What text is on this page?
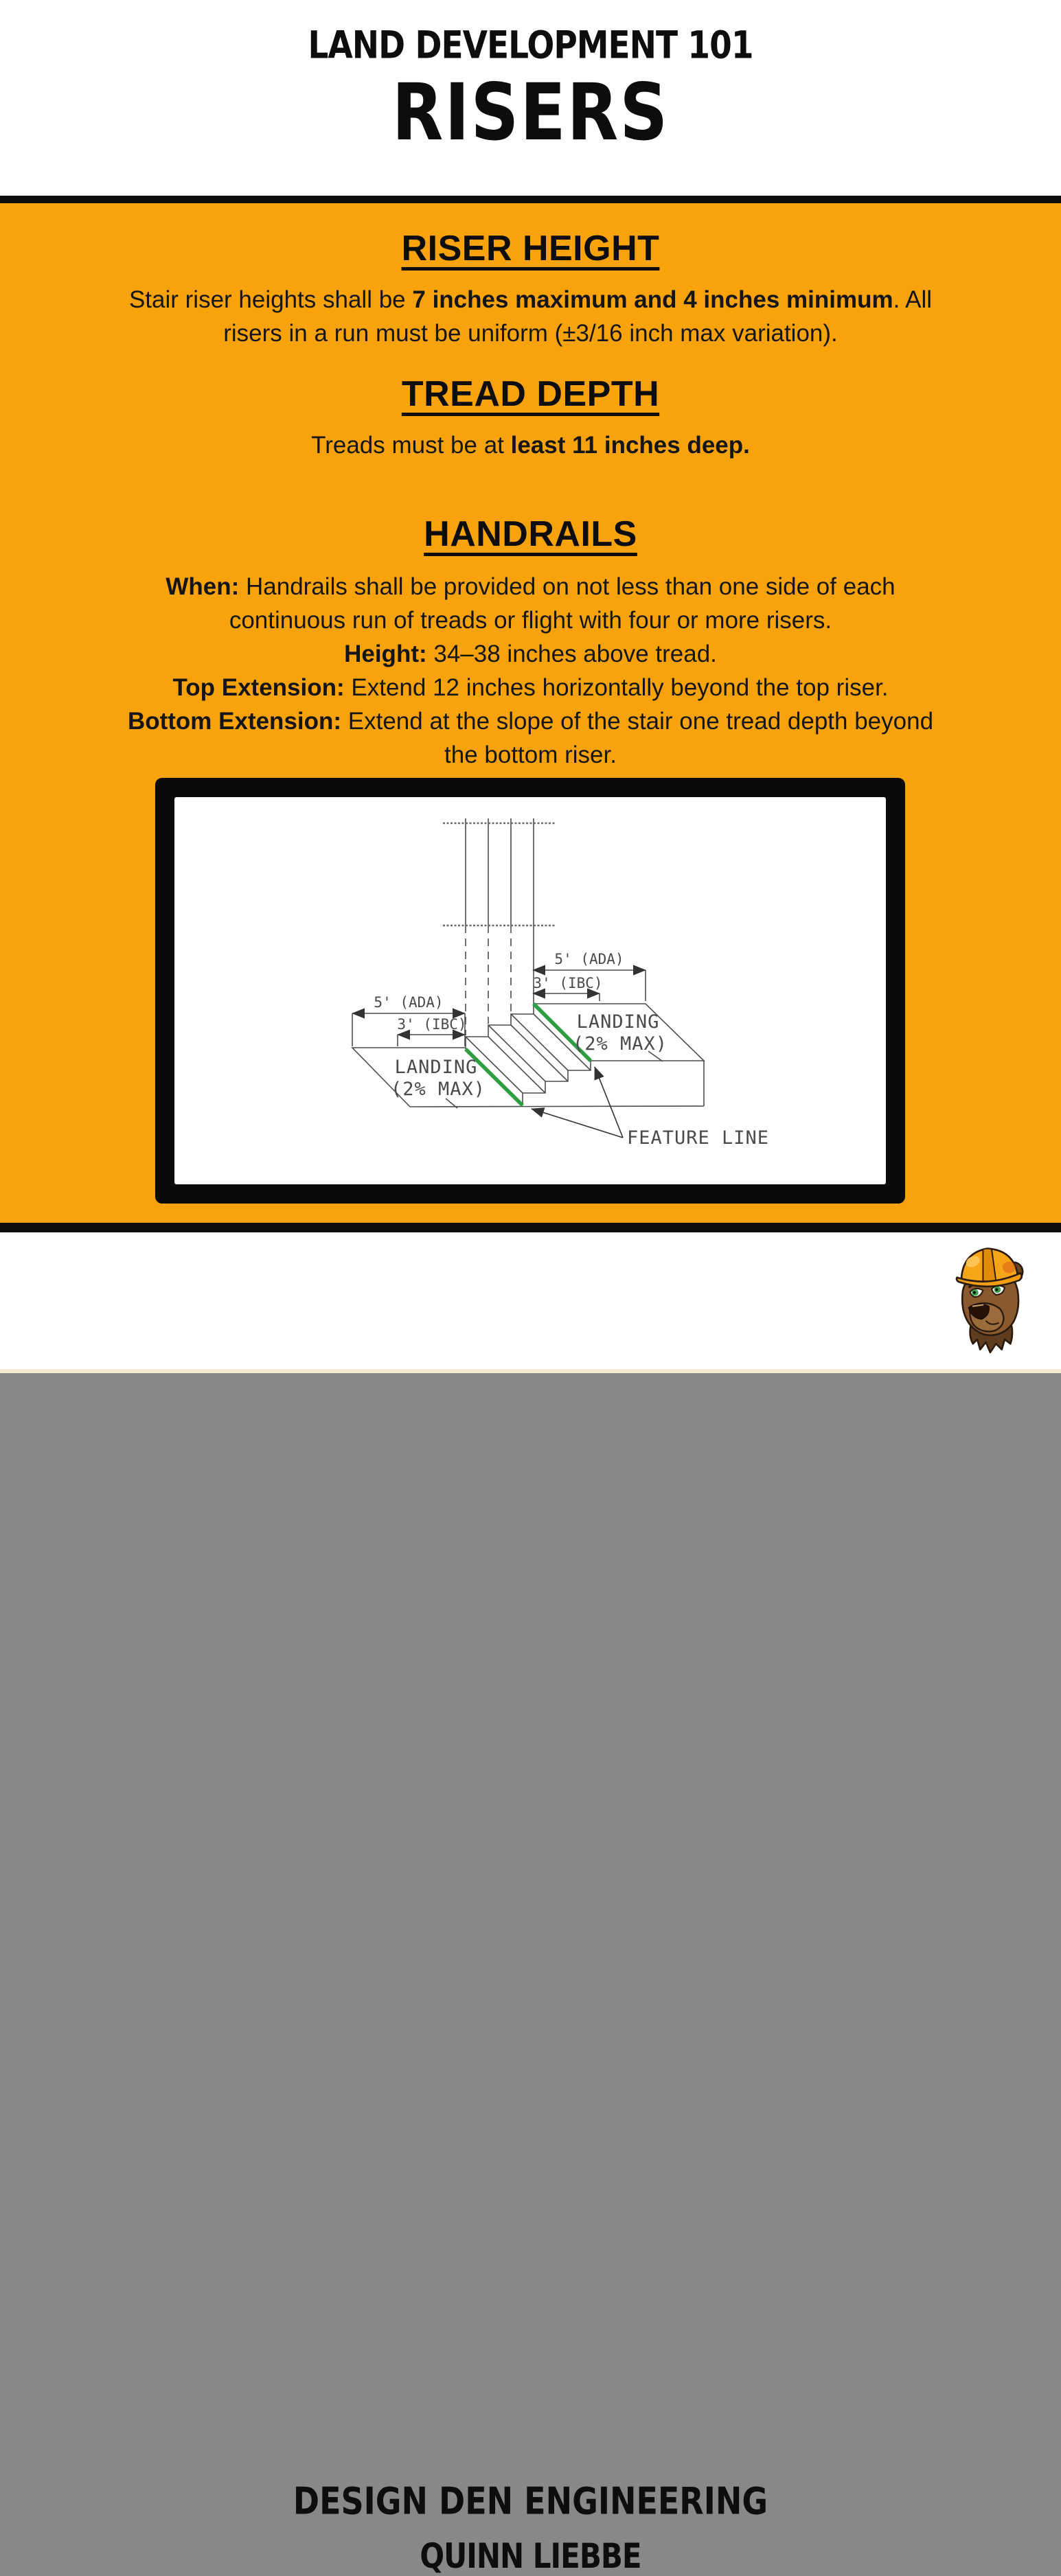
LAND DEVELOPMENT 101
RISERS
RISER HEIGHT
Stair riser heights shall be 7 inches maximum and 4 inches minimum. All
risers in a run must be uniform (±3/16 inch max variation).
TREAD DEPTH
Treads must be at least 11 inches deep.
HANDRAILS
When: Handrails shall be provided on not less than one side of each
continuous run of treads or flight with four or more risers.
Height: 34–38 inches above tread.
Top Extension: Extend 12 inches horizontally beyond the top riser.
Bottom Extension: Extend at the slope of the stair one tread depth beyond
the bottom riser.
5' (ADA)
3' (IBC)
5' (ADA)
3' (IBC)
LANDING
(2% MAX)
LANDING
(2% MAX)
FEATURE LINE
DESIGN DEN ENGINEERING
QUINN LIEBBE
